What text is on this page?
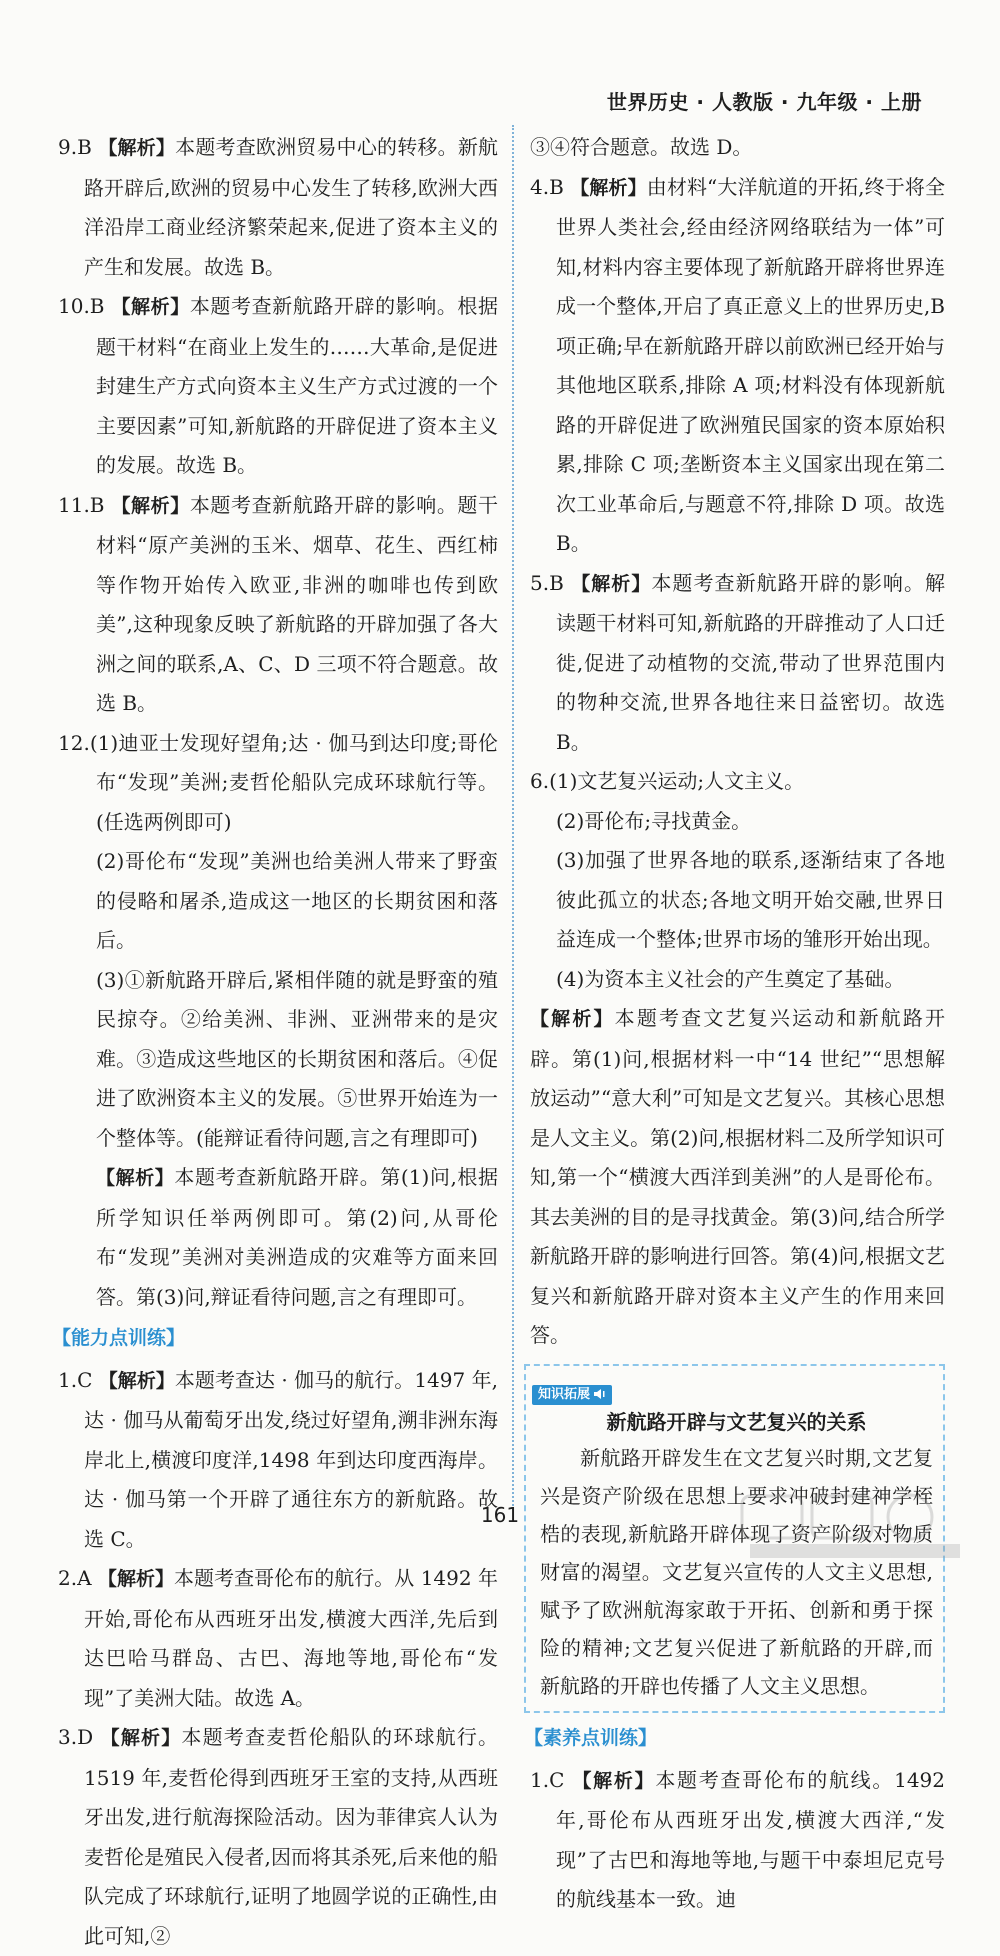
世界历史 · 人教版 · 九年级 · 上册

9.B 【解析】本题考查欧洲贸易中心的转移。新航路开辟后,欧洲的贸易中心发生了转移,欧洲大西洋沿岸工商业经济繁荣起来,促进了资本主义的产生和发展。故选 B。

10.B 【解析】本题考查新航路开辟的影响。根据题干材料“在商业上发生的……大革命,是促进封建生产方式向资本主义生产方式过渡的一个主要因素”可知,新航路的开辟促进了资本主义的发展。故选 B。

11.B 【解析】本题考查新航路开辟的影响。题干材料“原产美洲的玉米、烟草、花生、西红柿等作物开始传入欧亚,非洲的咖啡也传到欧美”,这种现象反映了新航路的开辟加强了各大洲之间的联系,A、C、D 三项不符合题意。故选 B。

12.(1)迪亚士发现好望角;达 · 伽马到达印度;哥伦布“发现”美洲;麦哲伦船队完成环球航行等。(任选两例即可)

(2)哥伦布“发现”美洲也给美洲人带来了野蛮的侵略和屠杀,造成这一地区的长期贫困和落后。

(3)①新航路开辟后,紧相伴随的就是野蛮的殖民掠夺。②给美洲、非洲、亚洲带来的是灾难。③造成这些地区的长期贫困和落后。④促进了欧洲资本主义的发展。⑤世界开始连为一个整体等。(能辩证看待问题,言之有理即可)

【解析】本题考查新航路开辟。第(1)问,根据所学知识任举两例即可。第(2)问,从哥伦布“发现”美洲对美洲造成的灾难等方面来回答。第(3)问,辩证看待问题,言之有理即可。

【能力点训练】

1.C 【解析】本题考查达 · 伽马的航行。1497 年,达 · 伽马从葡萄牙出发,绕过好望角,溯非洲东海岸北上,横渡印度洋,1498 年到达印度西海岸。达 · 伽马第一个开辟了通往东方的新航路。故选 C。

2.A 【解析】本题考查哥伦布的航行。从 1492 年开始,哥伦布从西班牙出发,横渡大西洋,先后到达巴哈马群岛、古巴、海地等地,哥伦布“发现”了美洲大陆。故选 A。

3.D 【解析】本题考查麦哲伦船队的环球航行。1519 年,麦哲伦得到西班牙王室的支持,从西班牙出发,进行航海探险活动。因为菲律宾人认为麦哲伦是殖民入侵者,因而将其杀死,后来他的船队完成了环球航行,证明了地圆学说的正确性,由此可知,②

③④符合题意。故选 D。

4.B 【解析】由材料“大洋航道的开拓,终于将全世界人类社会,经由经济网络联结为一体”可知,材料内容主要体现了新航路开辟将世界连成一个整体,开启了真正意义上的世界历史,B 项正确;早在新航路开辟以前欧洲已经开始与其他地区联系,排除 A 项;材料没有体现新航路的开辟促进了欧洲殖民国家的资本原始积累,排除 C 项;垄断资本主义国家出现在第二次工业革命后,与题意不符,排除 D 项。故选 B。

5.B 【解析】本题考查新航路开辟的影响。解读题干材料可知,新航路的开辟推动了人口迁徙,促进了动植物的交流,带动了世界范围内的物种交流,世界各地往来日益密切。故选 B。

6.(1)文艺复兴运动;人文主义。

(2)哥伦布;寻找黄金。

(3)加强了世界各地的联系,逐渐结束了各地彼此孤立的状态;各地文明开始交融,世界日益连成一个整体;世界市场的雏形开始出现。

(4)为资本主义社会的产生奠定了基础。

【解析】本题考查文艺复兴运动和新航路开辟。第(1)问,根据材料一中“14 世纪”“思想解放运动”“意大利”可知是文艺复兴。其核心思想是人文主义。第(2)问,根据材料二及所学知识可知,第一个“横渡大西洋到美洲”的人是哥伦布。其去美洲的目的是寻找黄金。第(3)问,结合所学新航路开辟的影响进行回答。第(4)问,根据文艺复兴和新航路开辟对资本主义产生的作用来回答。

知识拓展
新航路开辟与文艺复兴的关系

新航路开辟发生在文艺复兴时期,文艺复兴是资产阶级在思想上要求冲破封建神学桎梏的表现,新航路开辟体现了资产阶级对物质财富的渴望。文艺复兴宣传的人文主义思想,赋予了欧洲航海家敢于开拓、创新和勇于探险的精神;文艺复兴促进了新航路的开辟,而新航路的开辟也传播了人文主义思想。

【素养点训练】

1.C 【解析】本题考查哥伦布的航线。1492 年,哥伦布从西班牙出发,横渡大西洋,“发现”了古巴和海地等地,与题干中泰坦尼克号的航线基本一致。迪

161
